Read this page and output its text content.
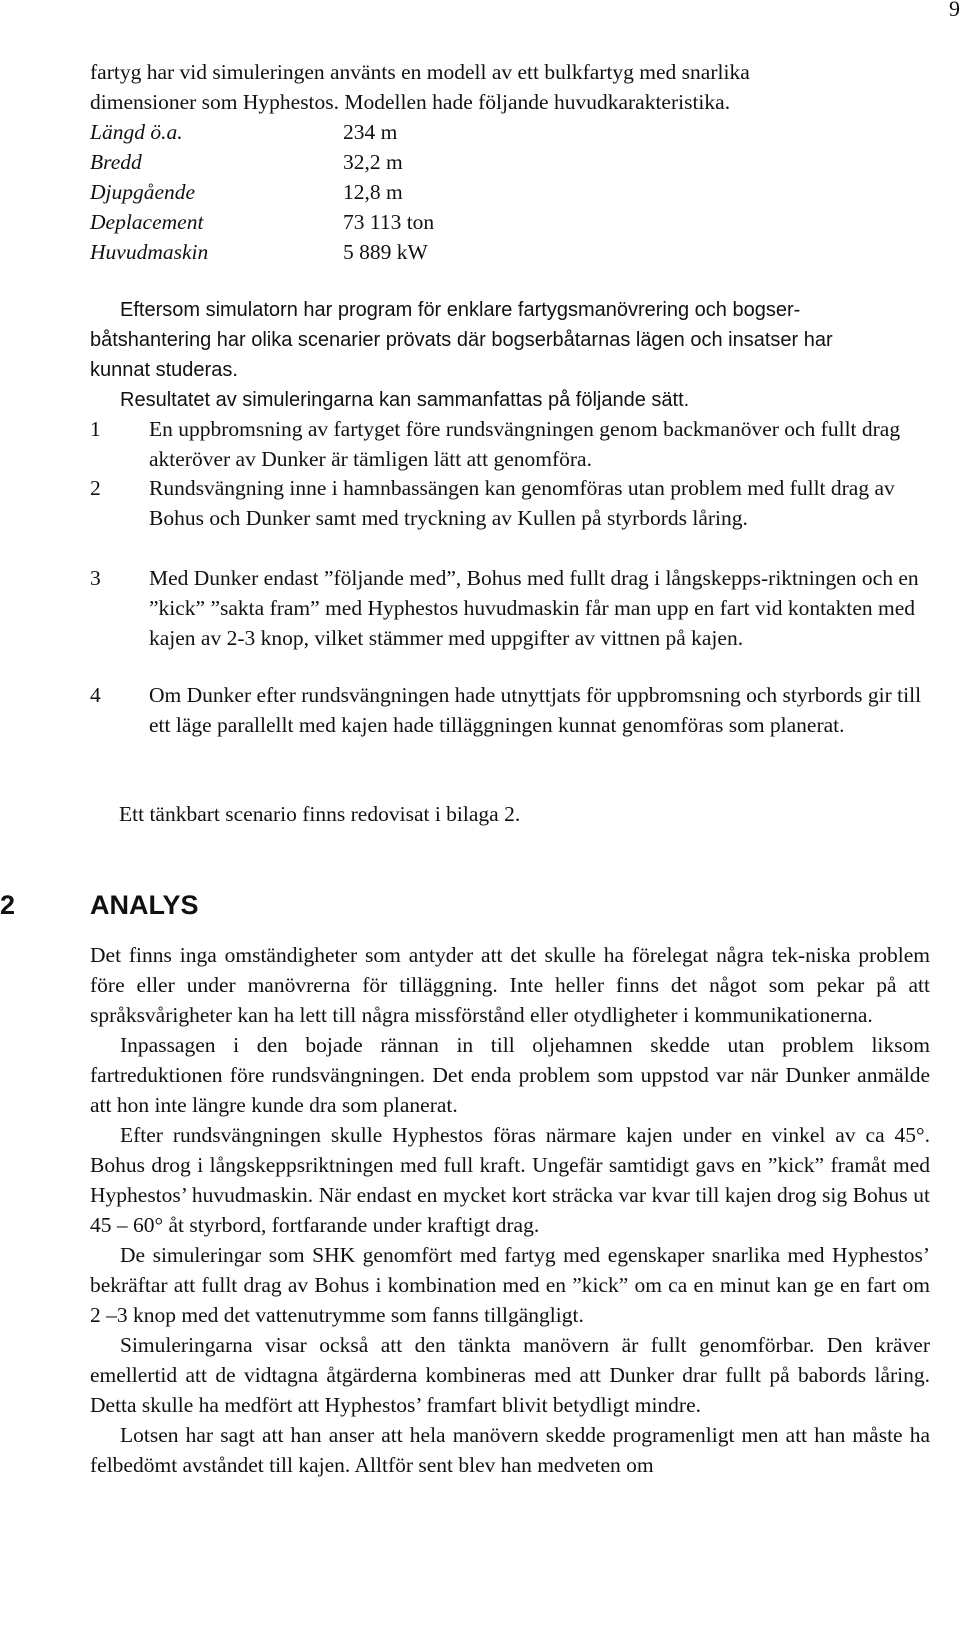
9

fartyg har vid simuleringen använts en modell av ett bulkfartyg med snarlika

dimensioner som Hyphestos. Modellen hade följande huvudkarakteristika.

Längd ö.a.	234 m
Bredd	32,2 m
Djupgående	12,8 m
Deplacement	73 113 ton
Huvudmaskin	5 889 kW

Eftersom simulatorn har program för enklare fartygsmanövrering och bogser-

båtshantering har olika scenarier prövats där bogserbåtarnas lägen och insatser har

kunnat studeras.

Resultatet av simuleringarna kan sammanfattas på följande sätt.

1	En uppbromsning av fartyget före rundsvängningen genom backmanöver och fullt drag akteröver av Dunker är tämligen lätt att genomföra.
2	Rundsvängning inne i hamnbassängen kan genomföras utan problem med fullt drag av Bohus och Dunker samt med tryckning av Kullen på styrbords låring.
3	Med Dunker endast ”följande med”, Bohus med fullt drag i långskepps-riktningen och en ”kick” ”sakta fram” med Hyphestos huvudmaskin får man upp en fart vid kontakten med kajen av 2-3 knop, vilket stämmer med uppgifter av vittnen på kajen.
4	Om Dunker efter rundsvängningen hade utnyttjats för uppbromsning och styrbords gir till ett läge parallellt med kajen hade tilläggningen kunnat genomföras som planerat.

Ett tänkbart scenario finns redovisat i bilaga 2.

2	ANALYS

Det finns inga omständigheter som antyder att det skulle ha förelegat några tek-niska problem före eller under manövrerna för tilläggning. Inte heller finns det något som pekar på att språksvårigheter kan ha lett till några missförstånd eller otydligheter i kommunikationerna.

Inpassagen i den bojade rännan in till oljehamnen skedde utan problem liksom fartreduktionen före rundsvängningen. Det enda problem som uppstod var när Dunker anmälde att hon inte längre kunde dra som planerat.

Efter rundsvängningen skulle Hyphestos föras närmare kajen under en vinkel av ca 45°. Bohus drog i långskeppsriktningen med full kraft. Ungefär samtidigt gavs en ”kick” framåt med Hyphestos’ huvudmaskin. När endast en mycket kort sträcka var kvar till kajen drog sig Bohus ut 45 – 60° åt styrbord, fortfarande under kraftigt drag.

De simuleringar som SHK genomfört med fartyg med egenskaper snarlika med Hyphestos’ bekräftar att fullt drag av Bohus i kombination med en ”kick” om ca en minut kan ge en fart om 2 –3 knop med det vattenutrymme som fanns tillgängligt.

Simuleringarna visar också att den tänkta manövern är fullt genomförbar. Den kräver emellertid att de vidtagna åtgärderna kombineras med att Dunker drar fullt på babords låring. Detta skulle ha medfört att Hyphestos’ framfart blivit betydligt mindre.

Lotsen har sagt att han anser att hela manövern skedde programenligt men att han måste ha felbedömt avståndet till kajen. Alltför sent blev han medveten om
